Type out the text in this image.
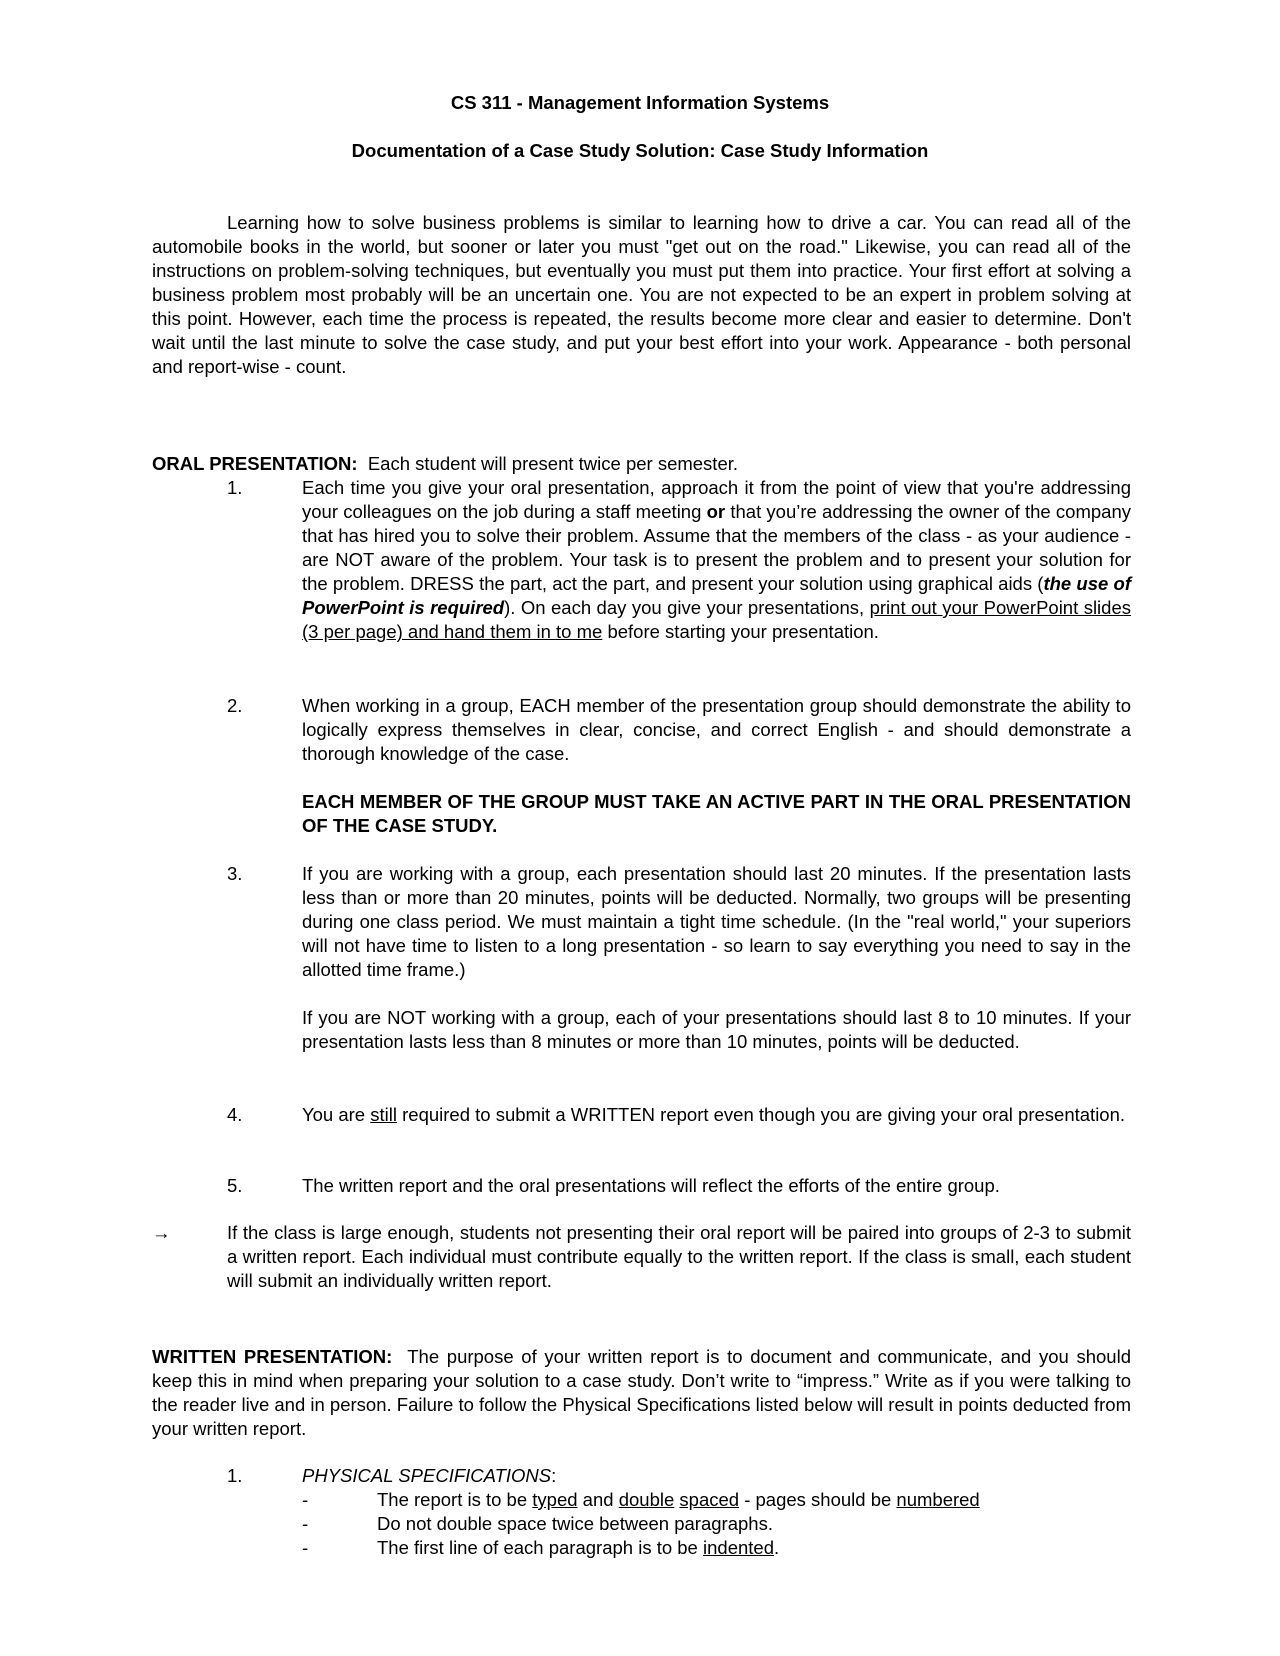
CS 311 - Management Information Systems
Documentation of a Case Study Solution: Case Study Information
Learning how to solve business problems is similar to learning how to drive a car. You can read all of the automobile books in the world, but sooner or later you must "get out on the road." Likewise, you can read all of the instructions on problem-solving techniques, but eventually you must put them into practice. Your first effort at solving a business problem most probably will be an uncertain one. You are not expected to be an expert in problem solving at this point. However, each time the process is repeated, the results become more clear and easier to determine. Don't wait until the last minute to solve the case study, and put your best effort into your work. Appearance - both personal and report-wise - count.
ORAL PRESENTATION: Each student will present twice per semester.
1.	Each time you give your oral presentation, approach it from the point of view that you're addressing your colleagues on the job during a staff meeting or that you’re addressing the owner of the company that has hired you to solve their problem. Assume that the members of the class - as your audience - are NOT aware of the problem. Your task is to present the problem and to present your solution for the problem. DRESS the part, act the part, and present your solution using graphical aids (the use of PowerPoint is required). On each day you give your presentations, print out your PowerPoint slides (3 per page) and hand them in to me before starting your presentation.

2.	When working in a group, EACH member of the presentation group should demonstrate the ability to logically express themselves in clear, concise, and correct English - and should demonstrate a thorough knowledge of the case.

EACH MEMBER OF THE GROUP MUST TAKE AN ACTIVE PART IN THE ORAL PRESENTATION OF THE CASE STUDY.

3.	If you are working with a group, each presentation should last 20 minutes. If the presentation lasts less than or more than 20 minutes, points will be deducted. Normally, two groups will be presenting during one class period. We must maintain a tight time schedule. (In the "real world," your superiors will not have time to listen to a long presentation - so learn to say everything you need to say in the allotted time frame.)

If you are NOT working with a group, each of your presentations should last 8 to 10 minutes. If your presentation lasts less than 8 minutes or more than 10 minutes, points will be deducted.

4.	You are still required to submit a WRITTEN report even though you are giving your oral presentation.

5.	The written report and the oral presentations will reflect the efforts of the entire group.

→	If the class is large enough, students not presenting their oral report will be paired into groups of 2-3 to submit a written report. Each individual must contribute equally to the written report. If the class is small, each student will submit an individually written report.

WRITTEN PRESENTATION: The purpose of your written report is to document and communicate, and you should keep this in mind when preparing your solution to a case study. Don’t write to “impress.” Write as if you were talking to the reader live and in person. Failure to follow the Physical Specifications listed below will result in points deducted from your written report.
1.	PHYSICAL SPECIFICATIONS:

-	The report is to be typed and double spaced - pages should be numbered
-	Do not double space twice between paragraphs.
-	The first line of each paragraph is to be indented.
